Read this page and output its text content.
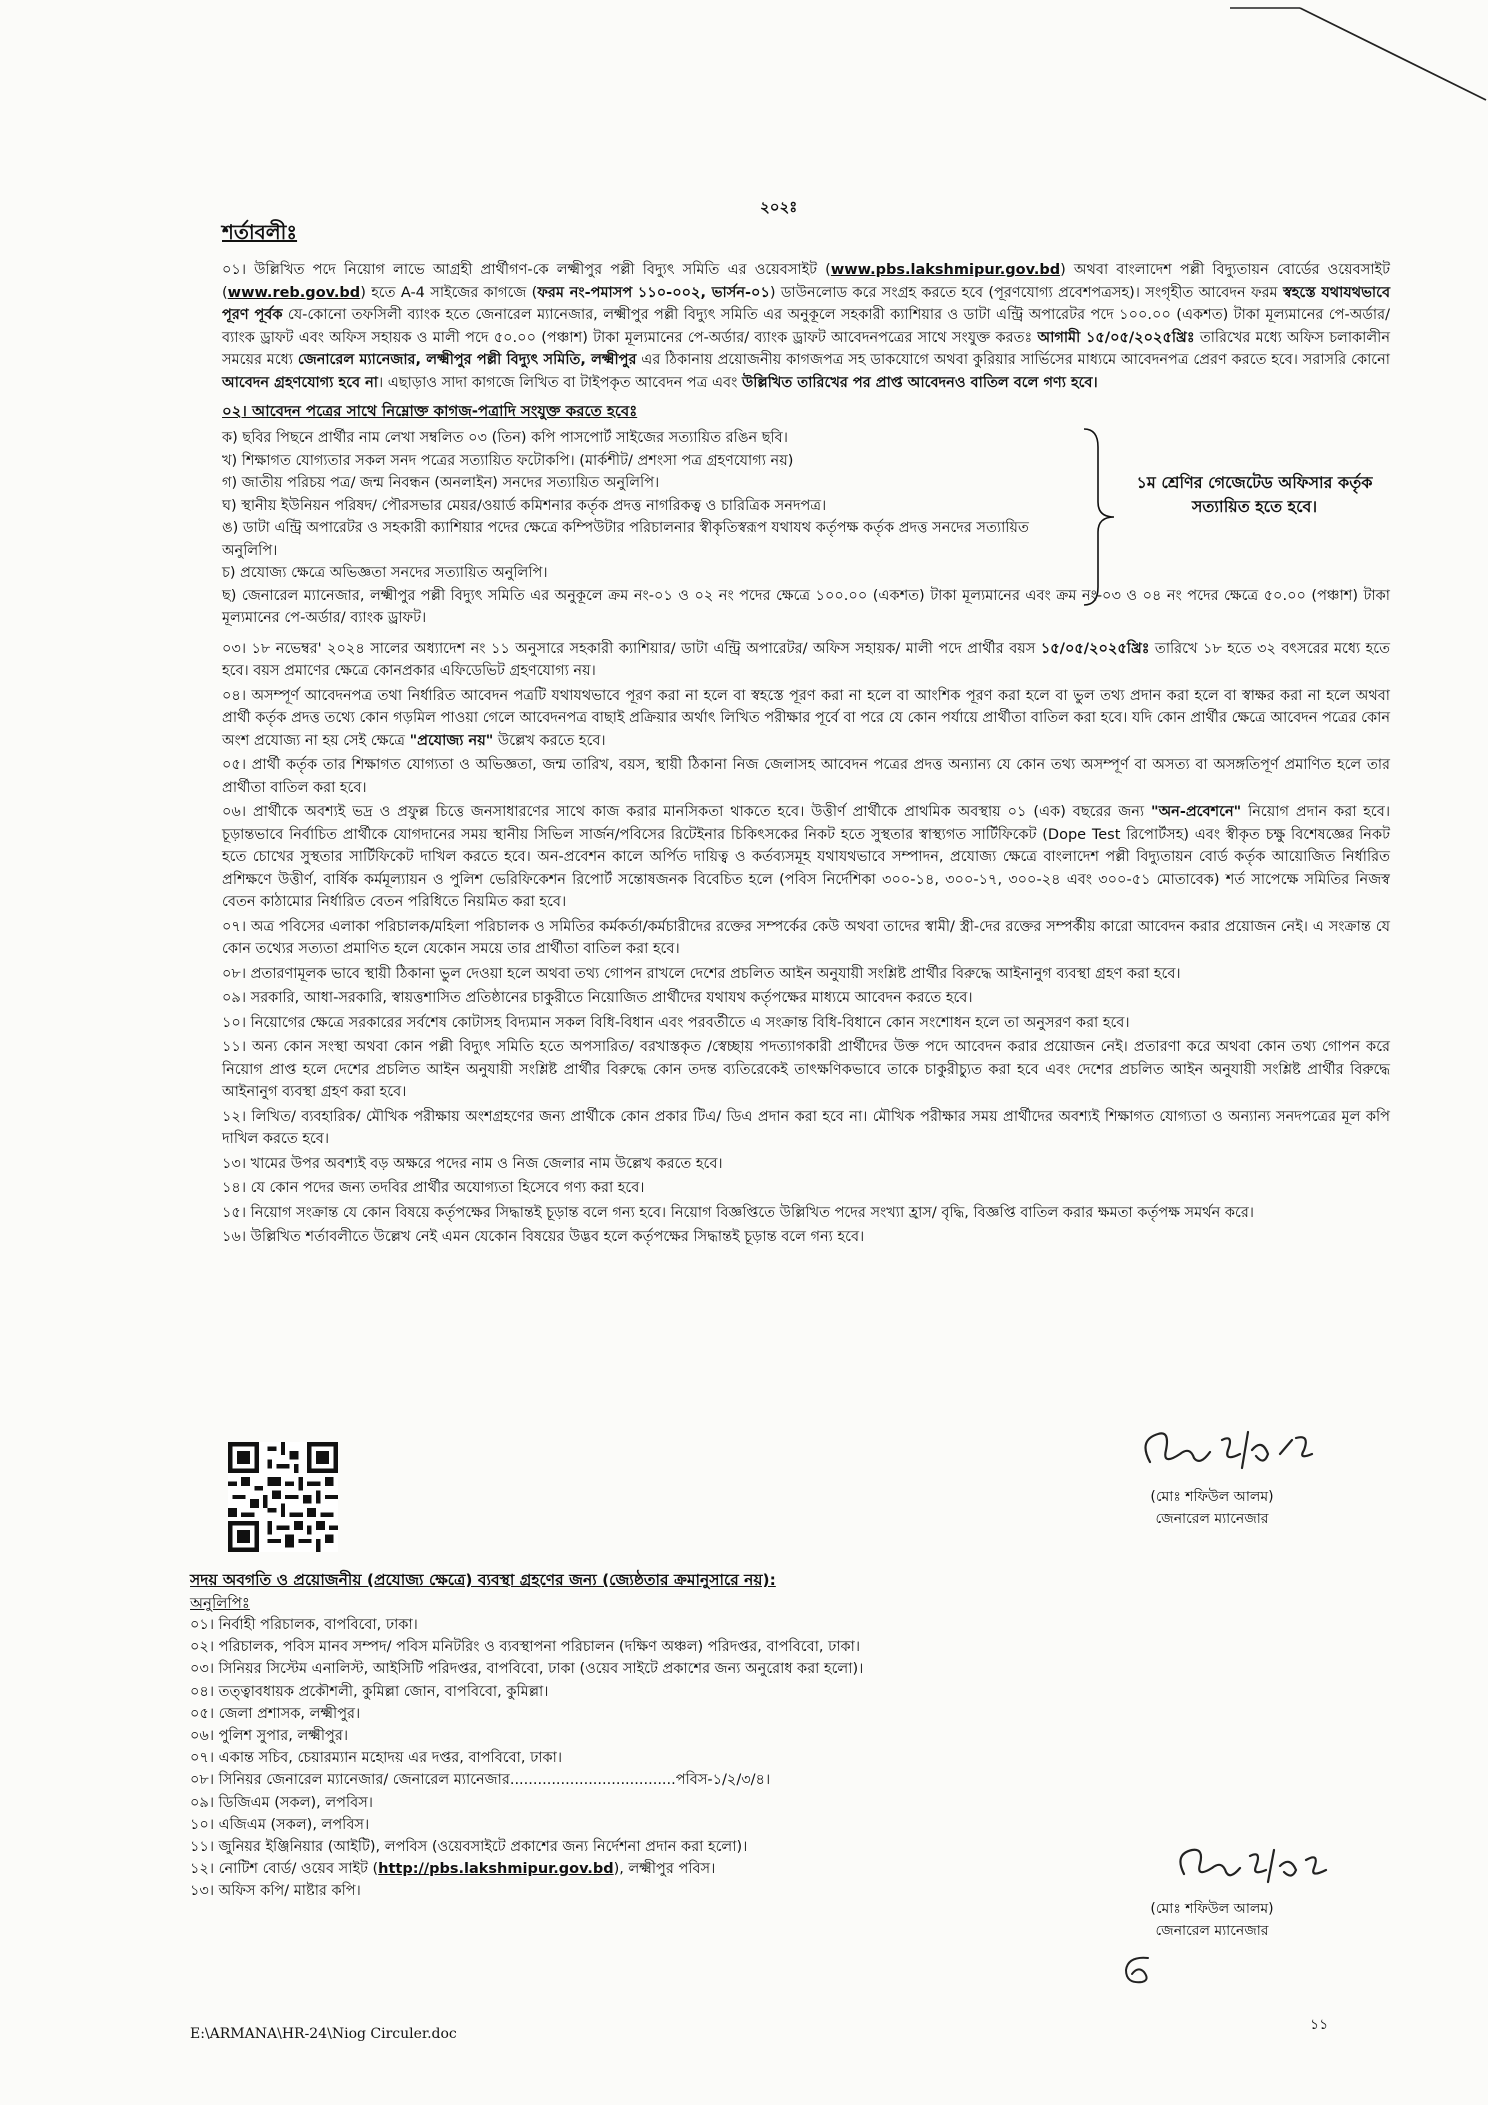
২০২ঃ
শর্তাবলীঃ

০১। উল্লিখিত পদে নিয়োগ লাভে আগ্রহী প্রার্থীগণ-কে লক্ষ্মীপুর পল্লী বিদ্যুৎ সমিতি এর ওয়েবসাইট (www.pbs.lakshmipur.gov.bd) অথবা বাংলাদেশ পল্লী বিদ্যুতায়ন বোর্ডের ওয়েবসাইট (www.reb.gov.bd) হতে A-4 সাইজের কাগজে (ফরম নং-পমাসপ ১১০-০০২, ভার্সন-০১) ডাউনলোড করে সংগ্রহ করতে হবে (পূরণযোগ্য প্রবেশপত্রসহ)। সংগৃহীত আবেদন ফরম স্বহস্তে যথাযথভাবে পূরণ পূর্বক যে-কোনো তফসিলী ব্যাংক হতে জেনারেল ম্যানেজার, লক্ষ্মীপুর পল্লী বিদ্যুৎ সমিতি এর অনুকূলে সহকারী ক্যাশিয়ার ও ডাটা এন্ট্রি অপারেটর পদে ১০০.০০ (একশত) টাকা মূল্যমানের পে-অর্ডার/ ব্যাংক ড্রাফট এবং অফিস সহায়ক ও মালী পদে ৫০.০০ (পঞ্চাশ) টাকা মূল্যমানের পে-অর্ডার/ ব্যাংক ড্রাফট আবেদনপত্রের সাথে সংযুক্ত করতঃ আগামী ১৫/০৫/২০২৫খ্রিঃ তারিখের মধ্যে অফিস চলাকালীন সময়ের মধ্যে জেনারেল ম্যানেজার, লক্ষ্মীপুর পল্লী বিদ্যুৎ সমিতি, লক্ষ্মীপুর এর ঠিকানায় প্রয়োজনীয় কাগজপত্র সহ ডাকযোগে অথবা কুরিয়ার সার্ভিসের মাধ্যমে আবেদনপত্র প্রেরণ করতে হবে। সরাসরি কোনো আবেদন গ্রহণযোগ্য হবে না। এছাড়াও সাদা কাগজে লিখিত বা টাইপকৃত আবেদন পত্র এবং উল্লিখিত তারিখের পর প্রাপ্ত আবেদনও বাতিল বলে গণ্য হবে।

০২। আবেদন পত্রের সাথে নিম্নোক্ত কাগজ-পত্রাদি সংযুক্ত করতে হবেঃ
ক) ছবির পিছনে প্রার্থীর নাম লেখা সম্বলিত ০৩ (তিন) কপি পাসপোর্ট সাইজের সত্যায়িত রঙিন ছবি।
খ) শিক্ষাগত যোগ্যতার সকল সনদ পত্রের সত্যায়িত ফটোকপি। (মার্কশীট/ প্রশংসা পত্র গ্রহণযোগ্য নয়)
গ) জাতীয় পরিচয় পত্র/ জন্ম নিবন্ধন (অনলাইন) সনদের সত্যায়িত অনুলিপি।
ঘ) স্থানীয় ইউনিয়ন পরিষদ/ পৌরসভার মেয়র/ওয়ার্ড কমিশনার কর্তৃক প্রদত্ত নাগরিকত্ব ও চারিত্রিক সনদপত্র।
ঙ) ডাটা এন্ট্রি অপারেটর ও সহকারী ক্যাশিয়ার পদের ক্ষেত্রে কম্পিউটার পরিচালনার স্বীকৃতিস্বরূপ যথাযথ কর্তৃপক্ষ কর্তৃক প্রদত্ত সনদের সত্যায়িত অনুলিপি।
চ) প্রযোজ্য ক্ষেত্রে অভিজ্ঞতা সনদের সত্যায়িত অনুলিপি।
১ম শ্রেণির গেজেটেড অফিসার কর্তৃক সত্যায়িত হতে হবে।

ছ) জেনারেল ম্যানেজার, লক্ষ্মীপুর পল্লী বিদ্যুৎ সমিতি এর অনুকূলে ক্রম নং-০১ ও ০২ নং পদের ক্ষেত্রে ১০০.০০ (একশত) টাকা মূল্যমানের এবং ক্রম নং-০৩ ও ০৪ নং পদের ক্ষেত্রে ৫০.০০ (পঞ্চাশ) টাকা মূল্যমানের পে-অর্ডার/ ব্যাংক ড্রাফট।

০৩। ১৮ নভেম্বর' ২০২৪ সালের অধ্যাদেশ নং ১১ অনুসারে সহকারী ক্যাশিয়ার/ ডাটা এন্ট্রি অপারেটর/ অফিস সহায়ক/ মালী পদে প্রার্থীর বয়স ১৫/০৫/২০২৫খ্রিঃ তারিখে ১৮ হতে ৩২ বৎসরের মধ্যে হতে হবে। বয়স প্রমাণের ক্ষেত্রে কোনপ্রকার এফিডেভিট গ্রহণযোগ্য নয়।

০৪। অসম্পূর্ণ আবেদনপত্র তথা নির্ধারিত আবেদন পত্রটি যথাযথভাবে পূরণ করা না হলে বা স্বহস্তে পূরণ করা না হলে বা আংশিক পূরণ করা হলে বা ভুল তথ্য প্রদান করা হলে বা স্বাক্ষর করা না হলে অথবা প্রার্থী কর্তৃক প্রদত্ত তথ্যে কোন গড়মিল পাওয়া গেলে আবেদনপত্র বাছাই প্রক্রিয়ার অর্থাৎ লিখিত পরীক্ষার পূর্বে বা পরে যে কোন পর্যায়ে প্রার্থীতা বাতিল করা হবে। যদি কোন প্রার্থীর ক্ষেত্রে আবেদন পত্রের কোন অংশ প্রযোজ্য না হয় সেই ক্ষেত্রে "প্রযোজ্য নয়" উল্লেখ করতে হবে।

০৫। প্রার্থী কর্তৃক তার শিক্ষাগত যোগ্যতা ও অভিজ্ঞতা, জন্ম তারিখ, বয়স, স্থায়ী ঠিকানা নিজ জেলাসহ আবেদন পত্রের প্রদত্ত অন্যান্য যে কোন তথ্য অসম্পূর্ণ বা অসত্য বা অসঙ্গতিপূর্ণ প্রমাণিত হলে তার প্রার্থীতা বাতিল করা হবে।

০৬। প্রার্থীকে অবশ্যই ভদ্র ও প্রফুল্ল চিত্তে জনসাধারণের সাথে কাজ করার মানসিকতা থাকতে হবে। উত্তীর্ণ প্রার্থীকে প্রাথমিক অবস্থায় ০১ (এক) বছরের জন্য "অন-প্রবেশনে" নিয়োগ প্রদান করা হবে। চূড়ান্তভাবে নির্বাচিত প্রার্থীকে যোগদানের সময় স্থানীয় সিভিল সার্জন/পবিসের রিটেইনার চিকিৎসকের নিকট হতে সুস্থতার স্বাস্থ্যগত সার্টিফিকেট (Dope Test রিপোর্টসহ) এবং স্বীকৃত চক্ষু বিশেষজ্ঞের নিকট হতে চোখের সুস্থতার সার্টিফিকেট দাখিল করতে হবে। অন-প্রবেশন কালে অর্পিত দায়িত্ব ও কর্তব্যসমূহ যথাযথভাবে সম্পাদন, প্রযোজ্য ক্ষেত্রে বাংলাদেশ পল্লী বিদ্যুতায়ন বোর্ড কর্তৃক আয়োজিত নির্ধারিত প্রশিক্ষণে উত্তীর্ণ, বার্ষিক কর্মমূল্যায়ন ও পুলিশ ভেরিফিকেশন রিপোর্ট সন্তোষজনক বিবেচিত হলে (পবিস নির্দেশিকা ৩০০-১৪, ৩০০-১৭, ৩০০-২৪ এবং ৩০০-৫১ মোতাবেক) শর্ত সাপেক্ষে সমিতির নিজস্ব বেতন কাঠামোর নির্ধারিত বেতন পরিধিতে নিয়মিত করা হবে।

০৭। অত্র পবিসের এলাকা পরিচালক/মহিলা পরিচালক ও সমিতির কর্মকর্তা/কর্মচারীদের রক্তের সম্পর্কের কেউ অথবা তাদের স্বামী/ স্ত্রী-দের রক্তের সম্পর্কীয় কারো আবেদন করার প্রয়োজন নেই। এ সংক্রান্ত যে কোন তথ্যের সত্যতা প্রমাণিত হলে যেকোন সময়ে তার প্রার্থীতা বাতিল করা হবে।

০৮। প্রতারণামূলক ভাবে স্থায়ী ঠিকানা ভুল দেওয়া হলে অথবা তথ্য গোপন রাখলে দেশের প্রচলিত আইন অনুযায়ী সংশ্লিষ্ট প্রার্থীর বিরুদ্ধে আইনানুগ ব্যবস্থা গ্রহণ করা হবে।

০৯। সরকারি, আধা-সরকারি, স্বায়ত্তশাসিত প্রতিষ্ঠানের চাকুরীতে নিয়োজিত প্রার্থীদের যথাযথ কর্তৃপক্ষের মাধ্যমে আবেদন করতে হবে।

১০। নিয়োগের ক্ষেত্রে সরকারের সর্বশেষ কোটাসহ বিদ্যমান সকল বিধি-বিধান এবং পরবর্তীতে এ সংক্রান্ত বিধি-বিধানে কোন সংশোধন হলে তা অনুসরণ করা হবে।

১১। অন্য কোন সংস্থা অথবা কোন পল্লী বিদ্যুৎ সমিতি হতে অপসারিত/ বরখাস্তকৃত /স্বেচ্ছায় পদত্যাগকারী প্রার্থীদের উক্ত পদে আবেদন করার প্রয়োজন নেই। প্রতারণা করে অথবা কোন তথ্য গোপন করে নিয়োগ প্রাপ্ত হলে দেশের প্রচলিত আইন অনুযায়ী সংশ্লিষ্ট প্রার্থীর বিরুদ্ধে কোন তদন্ত ব্যতিরেকেই তাৎক্ষণিকভাবে তাকে চাকুরীচ্যুত করা হবে এবং দেশের প্রচলিত আইন অনুযায়ী সংশ্লিষ্ট প্রার্থীর বিরুদ্ধে আইনানুগ ব্যবস্থা গ্রহণ করা হবে।

১২। লিখিত/ ব্যবহারিক/ মৌখিক পরীক্ষায় অংশগ্রহণের জন্য প্রার্থীকে কোন প্রকার টিএ/ ডিএ প্রদান করা হবে না। মৌখিক পরীক্ষার সময় প্রার্থীদের অবশ্যই শিক্ষাগত যোগ্যতা ও অন্যান্য সনদপত্রের মূল কপি দাখিল করতে হবে।

১৩। খামের উপর অবশ্যই বড় অক্ষরে পদের নাম ও নিজ জেলার নাম উল্লেখ করতে হবে।

১৪। যে কোন পদের জন্য তদবির প্রার্থীর অযোগ্যতা হিসেবে গণ্য করা হবে।

১৫। নিয়োগ সংক্রান্ত যে কোন বিষয়ে কর্তৃপক্ষের সিদ্ধান্তই চূড়ান্ত বলে গন্য হবে। নিয়োগ বিজ্ঞপ্তিতে উল্লিখিত পদের সংখ্যা হ্রাস/ বৃদ্ধি, বিজ্ঞপ্তি বাতিল করার ক্ষমতা কর্তৃপক্ষ সমর্থন করে।

১৬। উল্লিখিত শর্তাবলীতে উল্লেখ নেই এমন যেকোন বিষয়ের উদ্ভব হলে কর্তৃপক্ষের সিদ্ধান্তই চূড়ান্ত বলে গন্য হবে।

(মোঃ শফিউল আলম)
জেনারেল ম্যানেজার
সদয় অবগতি ও প্রয়োজনীয় (প্রযোজ্য ক্ষেত্রে) ব্যবস্থা গ্রহণের জন্য (জ্যেষ্ঠতার ক্রমানুসারে নয়):
অনুলিপিঃ
০১। নির্বাহী পরিচালক, বাপবিবো, ঢাকা।
০২। পরিচালক, পবিস মানব সম্পদ/ পবিস মনিটরিং ও ব্যবস্থাপনা পরিচালন (দক্ষিণ অঞ্চল) পরিদপ্তর, বাপবিবো, ঢাকা।
০৩। সিনিয়র সিস্টেম এনালিস্ট, আইসিটি পরিদপ্তর, বাপবিবো, ঢাকা (ওয়েব সাইটে প্রকাশের জন্য অনুরোধ করা হলো)।
০৪। তত্ত্বাবধায়ক প্রকৌশলী, কুমিল্লা জোন, বাপবিবো, কুমিল্লা।
০৫। জেলা প্রশাসক, লক্ষ্মীপুর।
০৬। পুলিশ সুপার, লক্ষ্মীপুর।
০৭। একান্ত সচিব, চেয়ারম্যান মহোদয় এর দপ্তর, বাপবিবো, ঢাকা।
০৮। সিনিয়র জেনারেল ম্যানেজার/ জেনারেল ম্যানেজার....................................পবিস-১/২/৩/৪।
০৯। ডিজিএম (সকল), লপবিস।
১০। এজিএম (সকল), লপবিস।
১১। জুনিয়র ইঞ্জিনিয়ার (আইটি), লপবিস (ওয়েবসাইটে প্রকাশের জন্য নির্দেশনা প্রদান করা হলো)।
১২। নোটিশ বোর্ড/ ওয়েব সাইট (http://pbs.lakshmipur.gov.bd), লক্ষ্মীপুর পবিস।
১৩। অফিস কপি/ মাষ্টার কপি।
(মোঃ শফিউল আলম)
জেনারেল ম্যানেজার
১১
E:\ARMANA\HR-24\Niog Circuler.doc
